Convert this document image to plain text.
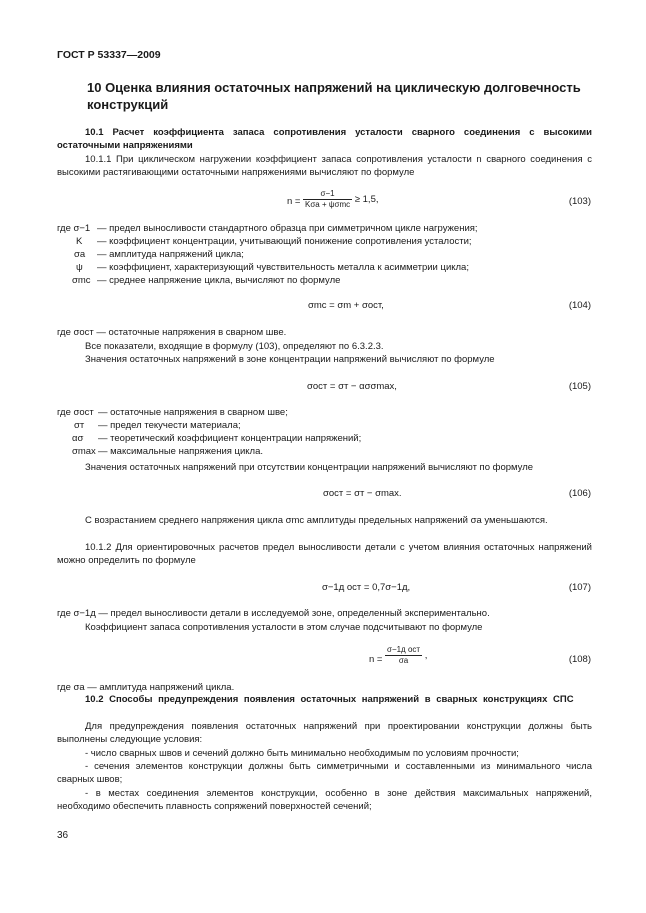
ГОСТ Р 53337—2009
10 Оценка влияния остаточных напряжений на циклическую долговечность конструкций
10.1 Расчет коэффициента запаса сопротивления усталости сварного соединения с высокими остаточными напряжениями
10.1.1 При циклическом нагружении коэффициент запаса сопротивления усталости n сварного соединения с высокими растягивающими остаточными напряжениями вычисляют по формуле
$n = \frac{\sigma-1}{\text{Kσa + ψσmc}} \ge 1,5$,	(103)
где σ−1 — предел выносливости стандартного образца при симметричном цикле нагружения;
K — коэффициент концентрации, учитывающий понижение сопротивления усталости;
σa — амплитуда напряжений цикла;
ψ — коэффициент, характеризующий чувствительность металла к асимметрии цикла;
σmc — среднее напряжение цикла, вычисляют по формуле
σmc = σm + σост,	(104)
где σост — остаточные напряжения в сварном шве.
Все показатели, входящие в формулу (103), определяют по 6.3.2.3.
Значения остаточных напряжений в зоне концентрации напряжений вычисляют по формуле
σост = σт − ασσmax,	(105)
где σост — остаточные напряжения в сварном шве;
σт — предел текучести материала;
ασ — теоретический коэффициент концентрации напряжений;
σmax — максимальные напряжения цикла.
Значения остаточных напряжений при отсутствии концентрации напряжений вычисляют по формуле
σост = σт − σmax.	(106)
С возрастанием среднего напряжения цикла σmc амплитуды предельных напряжений σa уменьшаются.
10.1.2 Для ориентировочных расчетов предел выносливости детали с учетом влияния остаточных напряжений можно определить по формуле
σ−1д ост = 0,7σ−1д,	(107)
где σ−1д — предел выносливости детали в исследуемой зоне, определенный экспериментально.
Коэффициент запаса сопротивления усталости в этом случае подсчитывают по формуле
$n = \frac{\text{σ−1д ост}}{\sigma a}$ ,	(108)
где σa — амплитуда напряжений цикла.
10.2 Способы предупреждения появления остаточных напряжений в сварных конструкциях СПС
Для предупреждения появления остаточных напряжений при проектировании конструкции должны быть выполнены следующие условия:
- число сварных швов и сечений должно быть минимально необходимым по условиям прочности;
- сечения элементов конструкции должны быть симметричными и составленными из минимального числа сварных швов;
- в местах соединения элементов конструкции, особенно в зоне действия максимальных напряжений, необходимо обеспечить плавность сопряжений поверхностей сечений;
36
